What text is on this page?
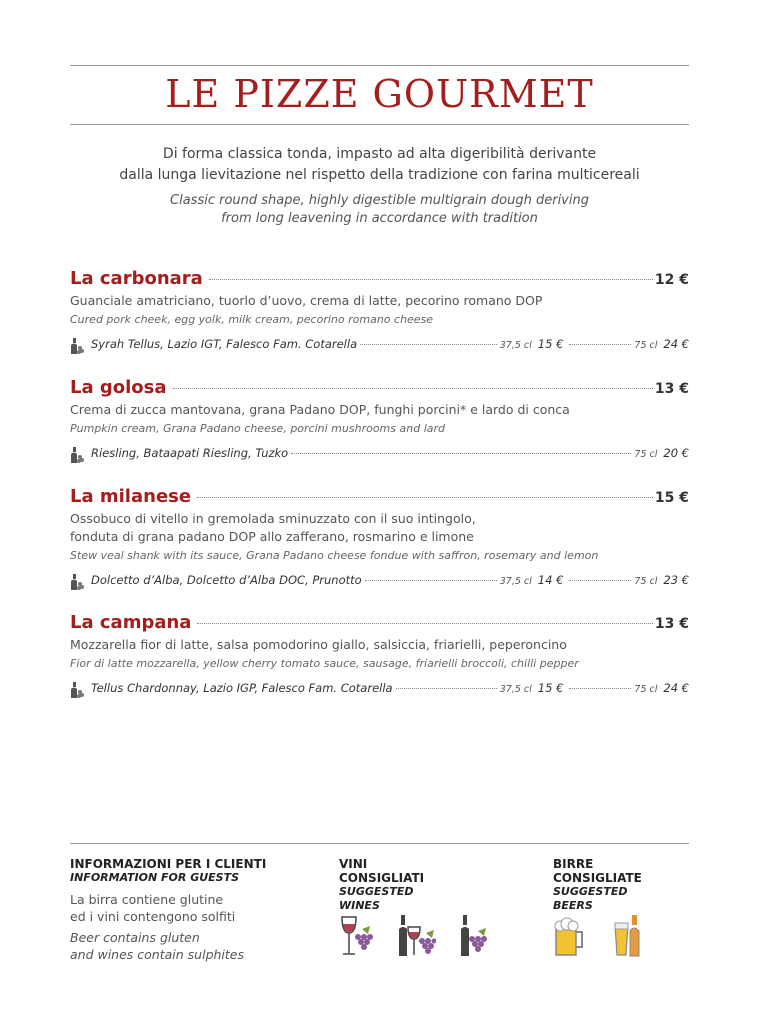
LE PIZZE GOURMET
Di forma classica tonda, impasto ad alta digeribilità derivante
dalla lunga lievitazione nel rispetto della tradizione con farina multicereali
Classic round shape, highly digestible multigrain dough deriving
from long leavening in accordance with tradition
La carbonara	12 €
Guanciale amatriciano, tuorlo d’uovo, crema di latte, pecorino romano DOP
Cured pork cheek, egg yolk, milk cream, pecorino romano cheese
Syrah Tellus, Lazio IGT, Falesco Fam. Cotarella	37,5 cl 15 €	75 cl 24 €
La golosa	13 €
Crema di zucca mantovana, grana Padano DOP, funghi porcini* e lardo di conca
Pumpkin cream, Grana Padano cheese, porcini mushrooms and lard
Riesling, Bataapati Riesling, Tuzko	75 cl 20 €
La milanese	15 €
Ossobuco di vitello in gremolada sminuzzato con il suo intingolo,
fonduta di grana padano DOP allo zafferano, rosmarino e limone
Stew veal shank with its sauce, Grana Padano cheese fondue with saffron, rosemary and lemon
Dolcetto d’Alba, Dolcetto d’Alba DOC, Prunotto	37,5 cl 14 €	75 cl 23 €
La campana	13 €
Mozzarella fior di latte, salsa pomodorino giallo, salsiccia, friarielli, peperoncino
Fior di latte mozzarella, yellow cherry tomato sauce, sausage, friarielli broccoli, chilli pepper
Tellus Chardonnay, Lazio IGP, Falesco Fam. Cotarella	37,5 cl 15 €	75 cl 24 €
INFORMAZIONI PER I CLIENTI
INFORMATION FOR GUESTS
La birra contiene glutine
ed i vini contengono solfiti
Beer contains gluten
and wines contain sulphites
VINI
CONSIGLIATI
SUGGESTED
WINES
BIRRE
CONSIGLIATE
SUGGESTED
BEERS
